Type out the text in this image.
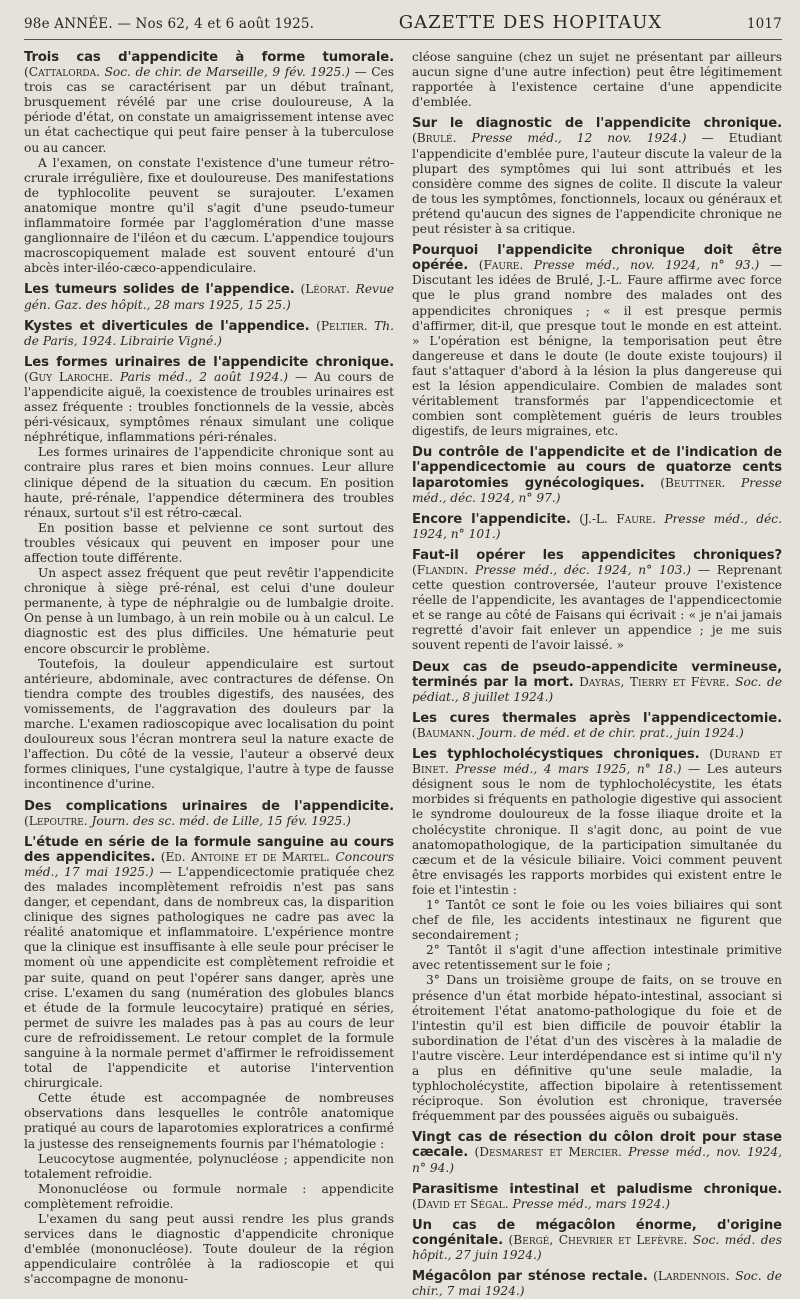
98e ANNÉE. — Nos 62, 4 et 6 août 1925.	GAZETTE DES HOPITAUX	1017

Trois cas d'appendicite à forme tumorale. (Cattalorda. Soc. de chir. de Marseille, 9 fév. 1925.) — Ces trois cas se caractérisent par un début traînant, brusquement révélé par une crise douloureuse, A la période d'état, on constate un amaigrissement intense avec un état cachectique qui peut faire penser à la tuberculose ou au cancer.

A l'examen, on constate l'existence d'une tumeur rétro-crurale irrégulière, fixe et douloureuse. Des manifestations de typhlocolite peuvent se surajouter. L'examen anatomique montre qu'il s'agit d'une pseudo-tumeur inflammatoire formée par l'agglomération d'une masse ganglionnaire de l'iléon et du cæcum. L'appendice toujours macroscopiquement malade est souvent entouré d'un abcès inter-iléo-cæco-appendiculaire.

Les tumeurs solides de l'appendice. (Léorat. Revue gén. Gaz. des hôpit., 28 mars 1925, 15 25.)

Kystes et diverticules de l'appendice. (Peltier. Th. de Paris, 1924. Librairie Vigné.)

Les formes urinaires de l'appendicite chronique. (Guy Laroche. Paris méd., 2 août 1924.) — Au cours de l'appendicite aiguë, la coexistence de troubles urinaires est assez fréquente : troubles fonctionnels de la vessie, abcès péri-vésicaux, symptômes rénaux simulant une colique néphrétique, inflammations péri-rénales.

Les formes urinaires de l'appendicite chronique sont au contraire plus rares et bien moins connues. Leur allure clinique dépend de la situation du cæcum. En position haute, pré-rénale, l'appendice déterminera des troubles rénaux, surtout s'il est rétro-cæcal.

En position basse et pelvienne ce sont surtout des troubles vésicaux qui peuvent en imposer pour une affection toute différente.

Un aspect assez fréquent que peut revêtir l'appendicite chronique à siège pré-rénal, est celui d'une douleur permanente, à type de néphralgie ou de lumbalgie droite. On pense à un lumbago, à un rein mobile ou à un calcul. Le diagnostic est des plus difficiles. Une hématurie peut encore obscurcir le problème.

Toutefois, la douleur appendiculaire est surtout antérieure, abdominale, avec contractures de défense. On tiendra compte des troubles digestifs, des nausées, des vomissements, de l'aggravation des douleurs par la marche. L'examen radioscopique avec localisation du point douloureux sous l'écran montrera seul la nature exacte de l'affection. Du côté de la vessie, l'auteur a observé deux formes cliniques, l'une cystalgique, l'autre à type de fausse incontinence d'urine.

Des complications urinaires de l'appendicite. (Lepoutre. Journ. des sc. méd. de Lille, 15 fév. 1925.)

L'étude en série de la formule sanguine au cours des appendicites. (Ed. Antoine et de Martel. Concours méd., 17 mai 1925.) — L'appendicectomie pratiquée chez des malades incomplètement refroidis n'est pas sans danger, et cependant, dans de nombreux cas, la disparition clinique des signes pathologiques ne cadre pas avec la réalité anatomique et inflammatoire. L'expérience montre que la clinique est insuffisante à elle seule pour préciser le moment où une appendicite est complètement refroidie et par suite, quand on peut l'opérer sans danger, après une crise. L'examen du sang (numération des globules blancs et étude de la formule leucocytaire) pratiqué en séries, permet de suivre les malades pas à pas au cours de leur cure de refroidissement. Le retour complet de la formule sanguine à la normale permet d'affirmer le refroidissement total de l'appendicite et autorise l'intervention chirurgicale.

Cette étude est accompagnée de nombreuses observations dans lesquelles le contrôle anatomique pratiqué au cours de laparotomies exploratrices a confirmé la justesse des renseignements fournis par l'hématologie :

Leucocytose augmentée, polynucléose ; appendicite non totalement refroidie.

Mononucléose ou formule normale : appendicite complètement refroidie.

L'examen du sang peut aussi rendre les plus grands services dans le diagnostic d'appendicite chronique d'emblée (mononucléose). Toute douleur de la région appendiculaire contrôlée à la radioscopie et qui s'accompagne de mononu-

cléose sanguine (chez un sujet ne présentant par ailleurs aucun signe d'une autre infection) peut être légitimement rapportée à l'existence certaine d'une appendicite d'emblée.

Sur le diagnostic de l'appendicite chronique. (Brulé. Presse méd., 12 nov. 1924.) — Etudiant l'appendicite d'emblée pure, l'auteur discute la valeur de la plupart des symptômes qui lui sont attribués et les considère comme des signes de colite. Il discute la valeur de tous les symptômes, fonctionnels, locaux ou généraux et prétend qu'aucun des signes de l'appendicite chronique ne peut résister à sa critique.

Pourquoi l'appendicite chronique doit être opérée. (Faure. Presse méd., nov. 1924, n° 93.) — Discutant les idées de Brulé, J.-L. Faure affirme avec force que le plus grand nombre des malades ont des appendicites chroniques ; « il est presque permis d'affirmer, dit-il, que presque tout le monde en est atteint. » L'opération est bénigne, la temporisation peut être dangereuse et dans le doute (le doute existe toujours) il faut s'attaquer d'abord à la lésion la plus dangereuse qui est la lésion appendiculaire. Combien de malades sont véritablement transformés par l'appendicectomie et combien sont complètement guéris de leurs troubles digestifs, de leurs migraines, etc.

Du contrôle de l'appendicite et de l'indication de l'appendicectomie au cours de quatorze cents laparotomies gynécologiques. (Beuttner. Presse méd., déc. 1924, n° 97.)

Encore l'appendicite. (J.-L. Faure. Presse méd., déc. 1924, n° 101.)

Faut-il opérer les appendicites chroniques? (Flandin. Presse méd., déc. 1924, n° 103.) — Reprenant cette question controversée, l'auteur prouve l'existence réelle de l'appendicite, les avantages de l'appendicectomie et se range au côté de Faisans qui écrivait : « je n'ai jamais regretté d'avoir fait enlever un appendice ; je me suis souvent repenti de l'avoir laissé. »

Deux cas de pseudo-appendicite vermineuse, terminés par la mort. Dayras, Tierry et Fèvre. Soc. de pédiat., 8 juillet 1924.)

Les cures thermales après l'appendicectomie. (Baumann. Journ. de méd. et de chir. prat., juin 1924.)

Les typhlocholécystiques chroniques. (Durand et Binet. Presse méd., 4 mars 1925, n° 18.) — Les auteurs désignent sous le nom de typhlocholécystite, les états morbides si fréquents en pathologie digestive qui associent le syndrome douloureux de la fosse iliaque droite et la cholécystite chronique. Il s'agit donc, au point de vue anatomopathologique, de la participation simultanée du cæcum et de la vésicule biliaire. Voici comment peuvent être envisagés les rapports morbides qui existent entre le foie et l'intestin :

1° Tantôt ce sont le foie ou les voies biliaires qui sont chef de file, les accidents intestinaux ne figurent que secondairement ;

2° Tantôt il s'agit d'une affection intestinale primitive avec retentissement sur le foie ;

3° Dans un troisième groupe de faits, on se trouve en présence d'un état morbide hépato-intestinal, associant si étroitement l'état anatomo-pathologique du foie et de l'intestin qu'il est bien difficile de pouvoir établir la subordination de l'état d'un des viscères à la maladie de l'autre viscère. Leur interdépendance est si intime qu'il n'y a plus en définitive qu'une seule maladie, la typhlocholécystite, affection bipolaire à retentissement réciproque. Son évolution est chronique, traversée fréquemment par des poussées aiguës ou subaiguës.

Vingt cas de résection du côlon droit pour stase cæcale. (Desmarest et Mercier. Presse méd., nov. 1924, n° 94.)

Parasitisme intestinal et paludisme chronique. (David et Ségal. Presse méd., mars 1924.)

Un cas de mégacôlon énorme, d'origine congénitale. (Bergé, Chevrier et Lefèvre. Soc. méd. des hôpit., 27 juin 1924.)

Mégacôlon par sténose rectale. (Lardennois. Soc. de chir., 7 mai 1924.)
